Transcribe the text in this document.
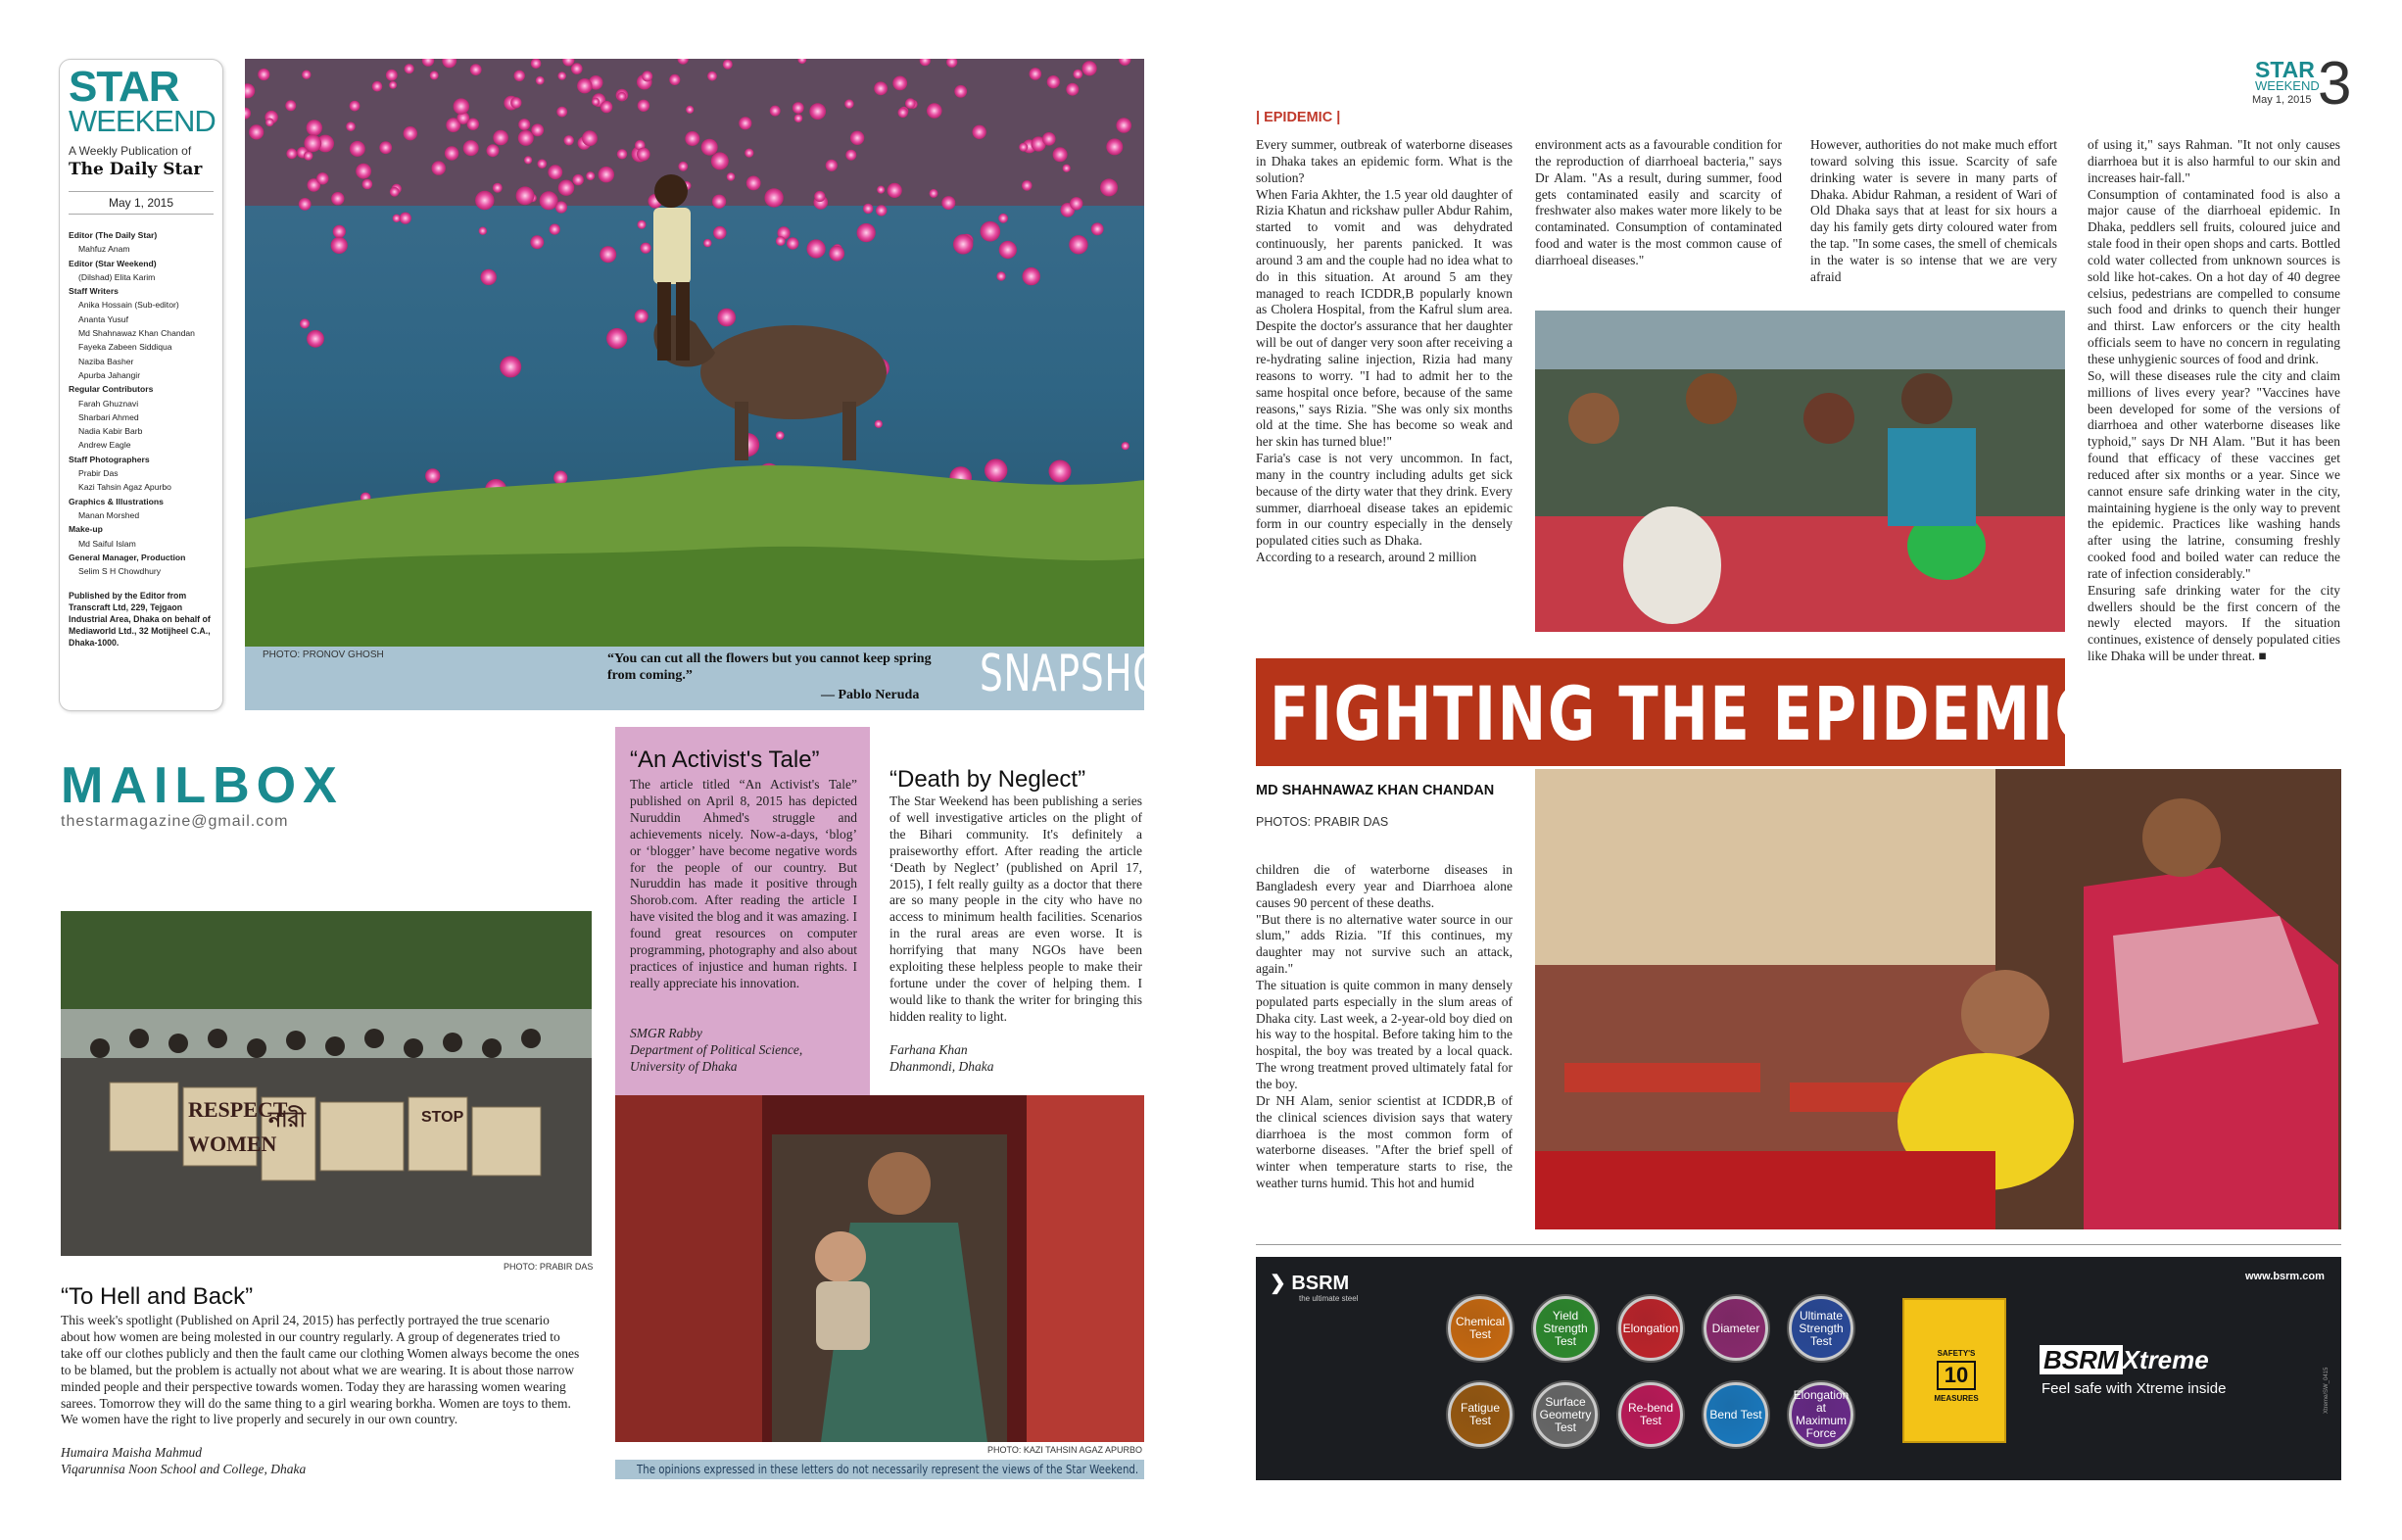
STAR
WEEKEND
A Weekly Publication of
The Daily Star
May 1, 2015
Editor (The Daily Star)
Mahfuz Anam
Editor (Star Weekend)
(Dilshad) Elita Karim
Staff Writers
Anika Hossain (Sub-editor)
Ananta Yusuf
Md Shahnawaz Khan Chandan
Fayeka Zabeen Siddiqua
Naziba Basher
Apurba Jahangir
Regular Contributors
Farah Ghuznavi
Sharbari Ahmed
Nadia Kabir Barb
Andrew Eagle
Staff Photographers
Prabir Das
Kazi Tahsin Agaz Apurbo
Graphics & Illustrations
Manan Morshed
Make-up
Md Saiful Islam
General Manager, Production
Selim S H Chowdhury
Published by the Editor from Transcraft Ltd, 229, Tejgaon Industrial Area, Dhaka on behalf of Mediaworld Ltd., 32 Motijheel C.A., Dhaka-1000.
PHOTO: PRONOV GHOSH	“You can cut all the flowers but you cannot keep spring from coming.”
— Pablo Neruda SNAPSHOT
MAILBOX
thestarmagazine@gmail.com
RESPECT
WOMEN
নারী	STOP
PHOTO: PRABIR DAS
“To Hell and Back”

This week's spotlight (Published on April 24, 2015) has perfectly portrayed the true scenario about how women are being molested in our country regularly. A group of degenerates tried to take off our clothes publicly and then the fault came our clothing Women always become the ones to be blamed, but the problem is actually not about what we are wearing. It is about those narrow minded people and their perspective towards women. Today they are harassing women wearing sarees. Tomorrow they will do the same thing to a girl wearing borkha. Women are toys to them. We women have the right to live properly and securely in our own country.

Humaira Maisha Mahmud
Viqarunnisa Noon School and College, Dhaka
“An Activist's Tale”

The article titled “An Activist's Tale” published on April 8, 2015 has depicted Nuruddin Ahmed's struggle and achievements nicely. Now-a-days, ‘blog’ or ‘blogger’ have become negative words for the people of our country. But Nuruddin has made it positive through Shorob.com. After reading the article I have visited the blog and it was amazing. I found great resources on computer programming, photography and also about practices of injustice and human rights. I really appreciate his innovation.

SMGR Rabby
Department of Political Science, University of Dhaka
“Death by Neglect”

The Star Weekend has been publishing a series of well investigative articles on the plight of the Bihari community. It's definitely a praiseworthy effort. After reading the article ‘Death by Neglect’ (published on April 17, 2015), I felt really guilty as a doctor that there are so many people in the city who have no access to minimum health facilities. Scenarios in the rural areas are even worse. It is horrifying that many NGOs have been exploiting these helpless people to make their fortune under the cover of helping them. I would like to thank the writer for bringing this hidden reality to light.

Farhana Khan
Dhanmondi, Dhaka
PHOTO: KAZI TAHSIN AGAZ APURBO
The opinions expressed in these letters do not necessarily represent the views of the Star Weekend.
STAR
WEEKEND
May 1, 2015 3
| EPIDEMIC |

Every summer, outbreak of waterborne diseases in Dhaka takes an epidemic form. What is the solution?
When Faria Akhter, the 1.5 year old daughter of Rizia Khatun and rickshaw puller Abdur Rahim, started to vomit and was dehydrated continuously, her parents panicked. It was around 3 am and the couple had no idea what to do in this situation. At around 5 am they managed to reach ICDDR,B popularly known as Cholera Hospital, from the Kafrul slum area. Despite the doctor's assurance that her daughter will be out of danger very soon after receiving a re-hydrating saline injection, Rizia had many reasons to worry. "I had to admit her to the same hospital once before, because of the same reasons," says Rizia. "She was only six months old at the time. She has become so weak and her skin has turned blue!"
Faria's case is not very uncommon. In fact, many in the country including adults get sick because of the dirty water that they drink. Every summer, diarrhoeal disease takes an epidemic form in our country especially in the densely populated cities such as Dhaka.
According to a research, around 2 million

environment acts as a favourable condition for the reproduction of diarrhoeal bacteria," says Dr Alam. "As a result, during summer, food gets contaminated easily and scarcity of freshwater also makes water more likely to be contaminated. Consumption of contaminated food and water is the most common cause of diarrhoeal diseases."

However, authorities do not make much effort toward solving this issue. Scarcity of safe drinking water is severe in many parts of Dhaka. Abidur Rahman, a resident of Wari of Old Dhaka says that at least for six hours a day his family gets dirty coloured water from the tap. "In some cases, the smell of chemicals in the water is so intense that we are very afraid

of using it," says Rahman. "It not only causes diarrhoea but it is also harmful to our skin and increases hair-fall."
Consumption of contaminated food is also a major cause of the diarrhoeal epidemic. In Dhaka, peddlers sell fruits, coloured juice and stale food in their open shops and carts. Bottled cold water collected from unknown sources is sold like hot-cakes. On a hot day of 40 degree celsius, pedestrians are compelled to consume such food and drinks to quench their hunger and thirst. Law enforcers or the city health officials seem to have no concern in regulating these unhygienic sources of food and drink.
So, will these diseases rule the city and claim millions of lives every year? "Vaccines have been developed for some of the versions of diarrhoea and other waterborne diseases like typhoid," says Dr NH Alam. "But it has been found that efficacy of these vaccines get reduced after six months or a year. Since we cannot ensure safe drinking water in the city, maintaining hygiene is the only way to prevent the epidemic. Practices like washing hands after using the latrine, consuming freshly cooked food and boiled water can reduce the rate of infection considerably."
Ensuring safe drinking water for the city dwellers should be the first concern of the newly elected mayors. If the situation continues, existence of densely populated cities like Dhaka will be under threat. ■

FIGHTING THE EPIDEMIC
MD SHAHNAWAZ KHAN CHANDAN
PHOTOS: PRABIR DAS

children die of waterborne diseases in Bangladesh every year and Diarrhoea alone causes 90 percent of these deaths.
"But there is no alternative water source in our slum," adds Rizia. "If this continues, my daughter may not survive such an attack, again."
The situation is quite common in many densely populated parts especially in the slum areas of Dhaka city. Last week, a 2-year-old boy died on his way to the hospital. Before taking him to the hospital, the boy was treated by a local quack. The wrong treatment proved ultimately fatal for the boy.
Dr NH Alam, senior scientist at ICDDR,B of the clinical sciences division says that watery diarrhoea is the most common form of waterborne diseases. "After the brief spell of winter when temperature starts to rise, the weather turns humid. This hot and humid

❯ BSRM
the ultimate steel
www.bsrm.com
Chemical Test
Yield Strength Test
Elongation	Diameter
Ultimate Strength Test
Fatigue Test
Surface Geometry Test
Re-bend Test	Bend Test
Elongation at Maximum Force
SAFETY'S
10
MEASURES
BSRM Xtreme
Feel safe with Xtreme inside	Xtreme/SW_0415
